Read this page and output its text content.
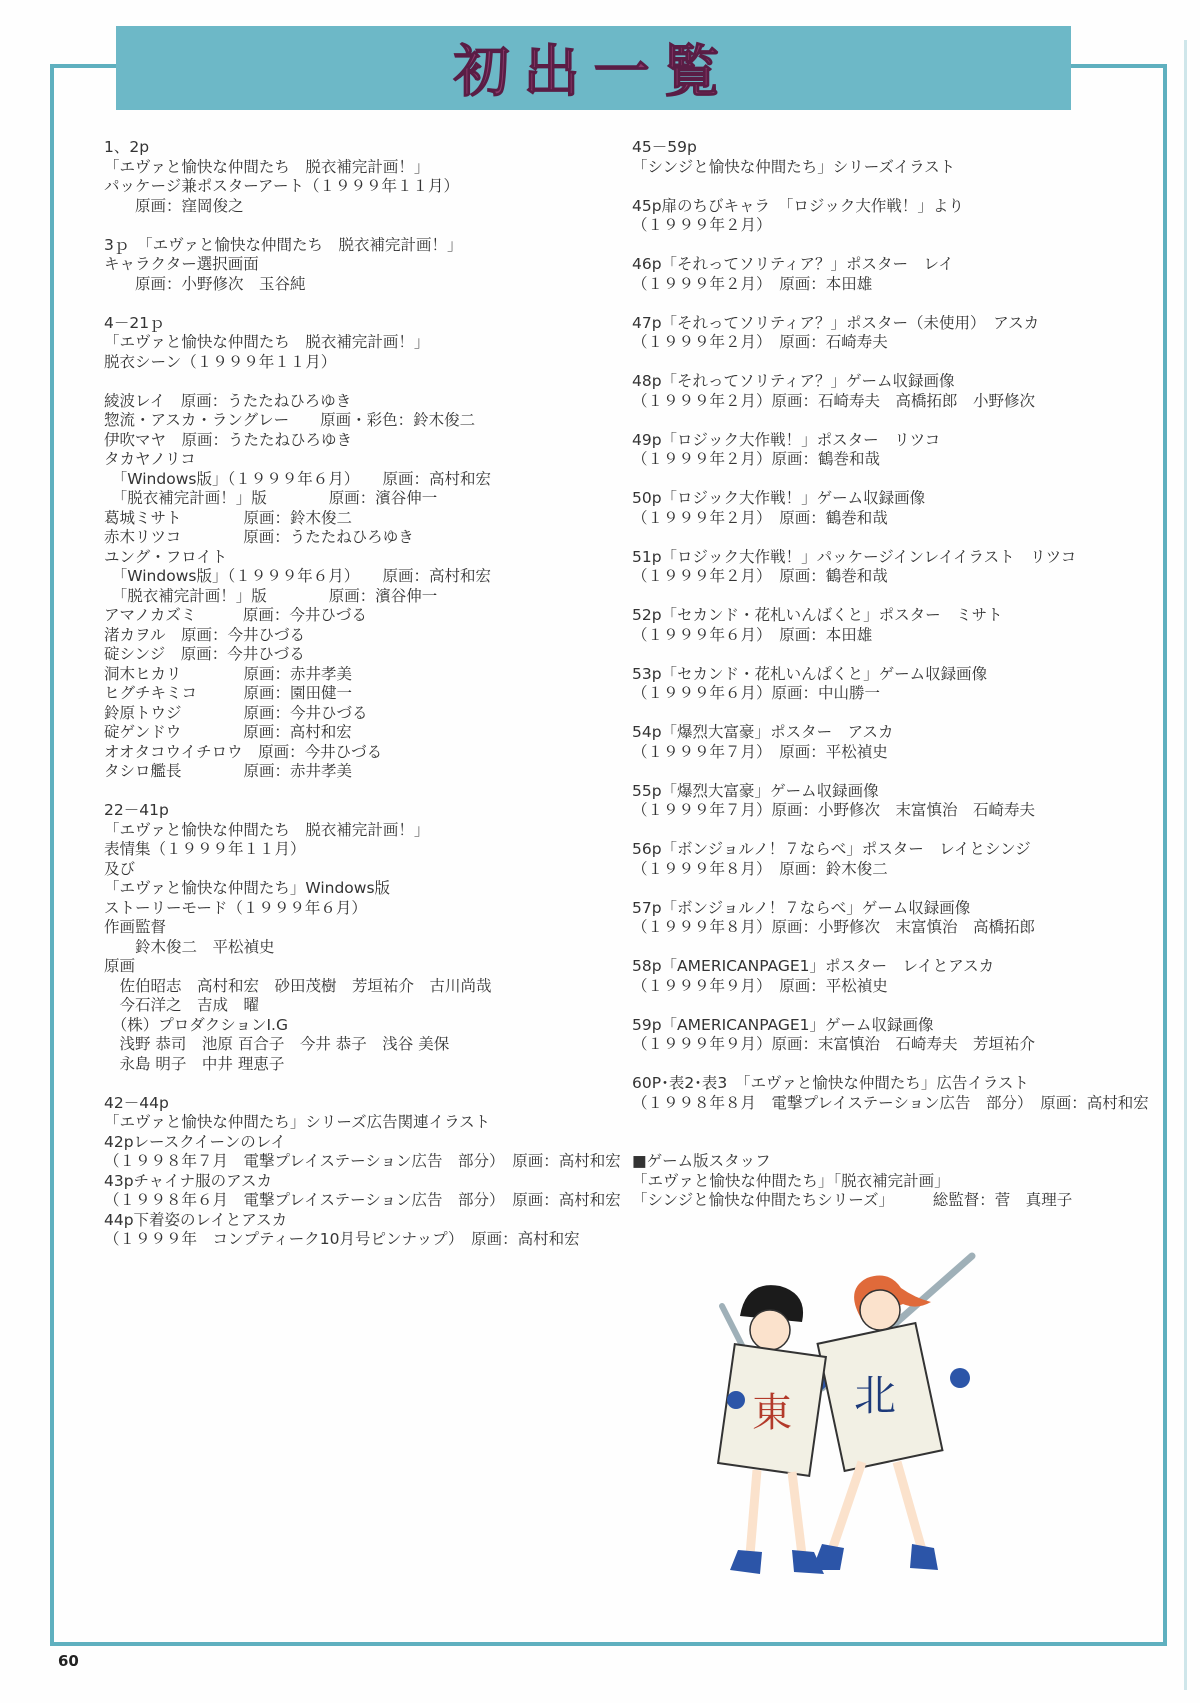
初出一覧
1、2p
「エヴァと愉快な仲間たち　脱衣補完計画！」
パッケージ兼ポスターアート（１９９９年１１月）
　　原画：窪岡俊之
3ｐ　「エヴァと愉快な仲間たち　脱衣補完計画！」
キャラクター選択画面
　　原画：小野修次　玉谷純
4－21ｐ
「エヴァと愉快な仲間たち　脱衣補完計画！」
脱衣シーン（１９９９年１１月）
綾波レイ　原画：うたたねひろゆき
惣流・アスカ・ラングレー　　原画・彩色：鈴木俊二
伊吹マヤ　原画：うたたねひろゆき
タカヤノリコ
　「Windows版」（１９９９年６月）　　原画：高村和宏
　「脱衣補完計画！」版　　　　原画：濱谷伸一
葛城ミサト　　　　原画：鈴木俊二
赤木リツコ　　　　原画：うたたねひろゆき
ユング・フロイト
　「Windows版」（１９９９年６月）　　原画：高村和宏
　「脱衣補完計画！」版　　　　原画：濱谷伸一
アマノカズミ　　　原画：今井ひづる
渚カヲル　原画：今井ひづる
碇シンジ　原画：今井ひづる
洞木ヒカリ　　　　原画：赤井孝美
ヒグチキミコ　　　原画：園田健一
鈴原トウジ　　　　原画：今井ひづる
碇ゲンドウ　　　　原画：高村和宏
オオタコウイチロウ　原画：今井ひづる
タシロ艦長　　　　原画：赤井孝美
22－41p
「エヴァと愉快な仲間たち　脱衣補完計画！」
表情集（１９９９年１１月）
及び
「エヴァと愉快な仲間たち」Windows版
ストーリーモード（１９９９年６月）
作画監督
　　鈴木俊二　平松禎史
原画
　佐伯昭志　高村和宏　砂田茂樹　芳垣祐介　古川尚哉
　今石洋之　吉成　曜
　（株）プロダクションI.G
　浅野 恭司　池原 百合子　今井 恭子　浅谷 美保
　永島 明子　中井 理恵子
42－44p
「エヴァと愉快な仲間たち」シリーズ広告関連イラスト
42pレースクイーンのレイ
（１９９８年７月　電撃プレイステーション広告　部分）　原画：高村和宏
43pチャイナ服のアスカ
（１９９８年６月　電撃プレイステーション広告　部分）　原画：高村和宏
44p下着姿のレイとアスカ
（１９９９年　コンプティーク10月号ピンナップ）　原画：高村和宏
45－59p
「シンジと愉快な仲間たち」シリーズイラスト
45p扉のちびキャラ　「ロジック大作戦！」より
（１９９９年２月）
46p「それってソリティア？」ポスター　レイ
（１９９９年２月）　原画：本田雄
47p「それってソリティア？」ポスター（未使用）　アスカ
（１９９９年２月）　原画：石崎寿夫
48p「それってソリティア？」ゲーム収録画像
（１９９９年２月）原画：石崎寿夫　高橋拓郎　小野修次
49p「ロジック大作戦！」ポスター　リツコ
（１９９９年２月）原画：鶴巻和哉
50p「ロジック大作戦！」ゲーム収録画像
（１９９９年２月）　原画：鶴巻和哉
51p「ロジック大作戦！」パッケージインレイイラスト　リツコ
（１９９９年２月）　原画：鶴巻和哉
52p「セカンド・花札いんばくと」ポスター　ミサト
（１９９９年６月）　原画：本田雄
53p「セカンド・花札いんぱくと」ゲーム収録画像
（１９９９年６月）原画：中山勝一
54p「爆烈大富豪」ポスター　アスカ
（１９９９年７月）　原画：平松禎史
55p「爆烈大富豪」ゲーム収録画像
（１９９９年７月）原画：小野修次　末富慎治　石崎寿夫
56p「ボンジョルノ！７ならべ」ポスター　レイとシンジ
（１９９９年８月）　原画：鈴木俊二
57p「ボンジョルノ！７ならべ」ゲーム収録画像
（１９９９年８月）原画：小野修次　末富慎治　高橋拓郎
58p「AMERICANPAGE1」ポスター　レイとアスカ
（１９９９年９月）　原画：平松禎史
59p「AMERICANPAGE1」ゲーム収録画像
（１９９９年９月）原画：末富慎治　石崎寿夫　芳垣祐介
60P･表2･表3　「エヴァと愉快な仲間たち」広告イラスト
（１９９８年８月　電撃プレイステーション広告　部分）　原画：高村和宏
■ゲーム版スタッフ
「エヴァと愉快な仲間たち」「脱衣補完計画」
「シンジと愉快な仲間たちシリーズ」　　　総監督：菅　真理子
北
東
60
